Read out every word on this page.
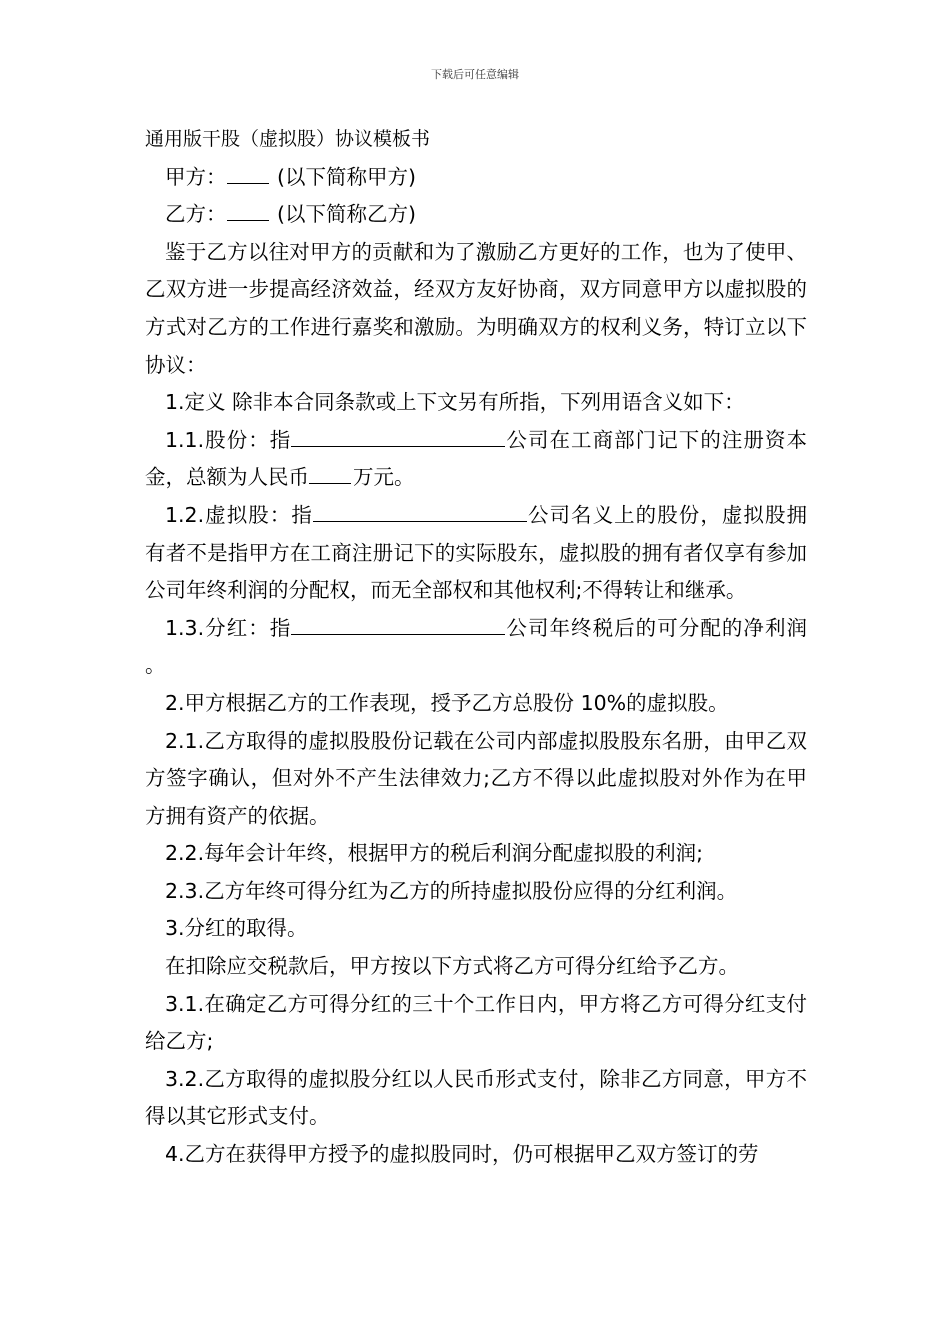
下载后可任意编辑

通用版干股（虚拟股）协议模板书

甲方： (以下简称甲方)

乙方： (以下简称乙方)

鉴于乙方以往对甲方的贡献和为了激励乙方更好的工作，也为了使甲、乙双方进一步提高经济效益，经双方友好协商，双方同意甲方以虚拟股的方式对乙方的工作进行嘉奖和激励。为明确双方的权利义务，特订立以下协议：

1.定义 除非本合同条款或上下文另有所指，下列用语含义如下：

1.1.股份：指	公司在工商部门记下的注册资本金，总额为人民币 万元。

1.2.虚拟股：指	公司名义上的股份，虚拟股拥有者不是指甲方在工商注册记下的实际股东，虚拟股的拥有者仅享有参加公司年终利润的分配权，而无全部权和其他权利;不得转让和继承。

1.3.分红：指	公司年终税后的可分配的净利润。

2.甲方根据乙方的工作表现，授予乙方总股份 10%的虚拟股。

2.1.乙方取得的虚拟股股份记载在公司内部虚拟股股东名册，由甲乙双方签字确认，但对外不产生法律效力;乙方不得以此虚拟股对外作为在甲方拥有资产的依据。

2.2.每年会计年终，根据甲方的税后利润分配虚拟股的利润;

2.3.乙方年终可得分红为乙方的所持虚拟股份应得的分红利润。

3.分红的取得。

在扣除应交税款后，甲方按以下方式将乙方可得分红给予乙方。

3.1.在确定乙方可得分红的三十个工作日内，甲方将乙方可得分红支付给乙方;

3.2.乙方取得的虚拟股分红以人民币形式支付，除非乙方同意，甲方不得以其它形式支付。

4.乙方在获得甲方授予的虚拟股同时，仍可根据甲乙双方签订的劳
